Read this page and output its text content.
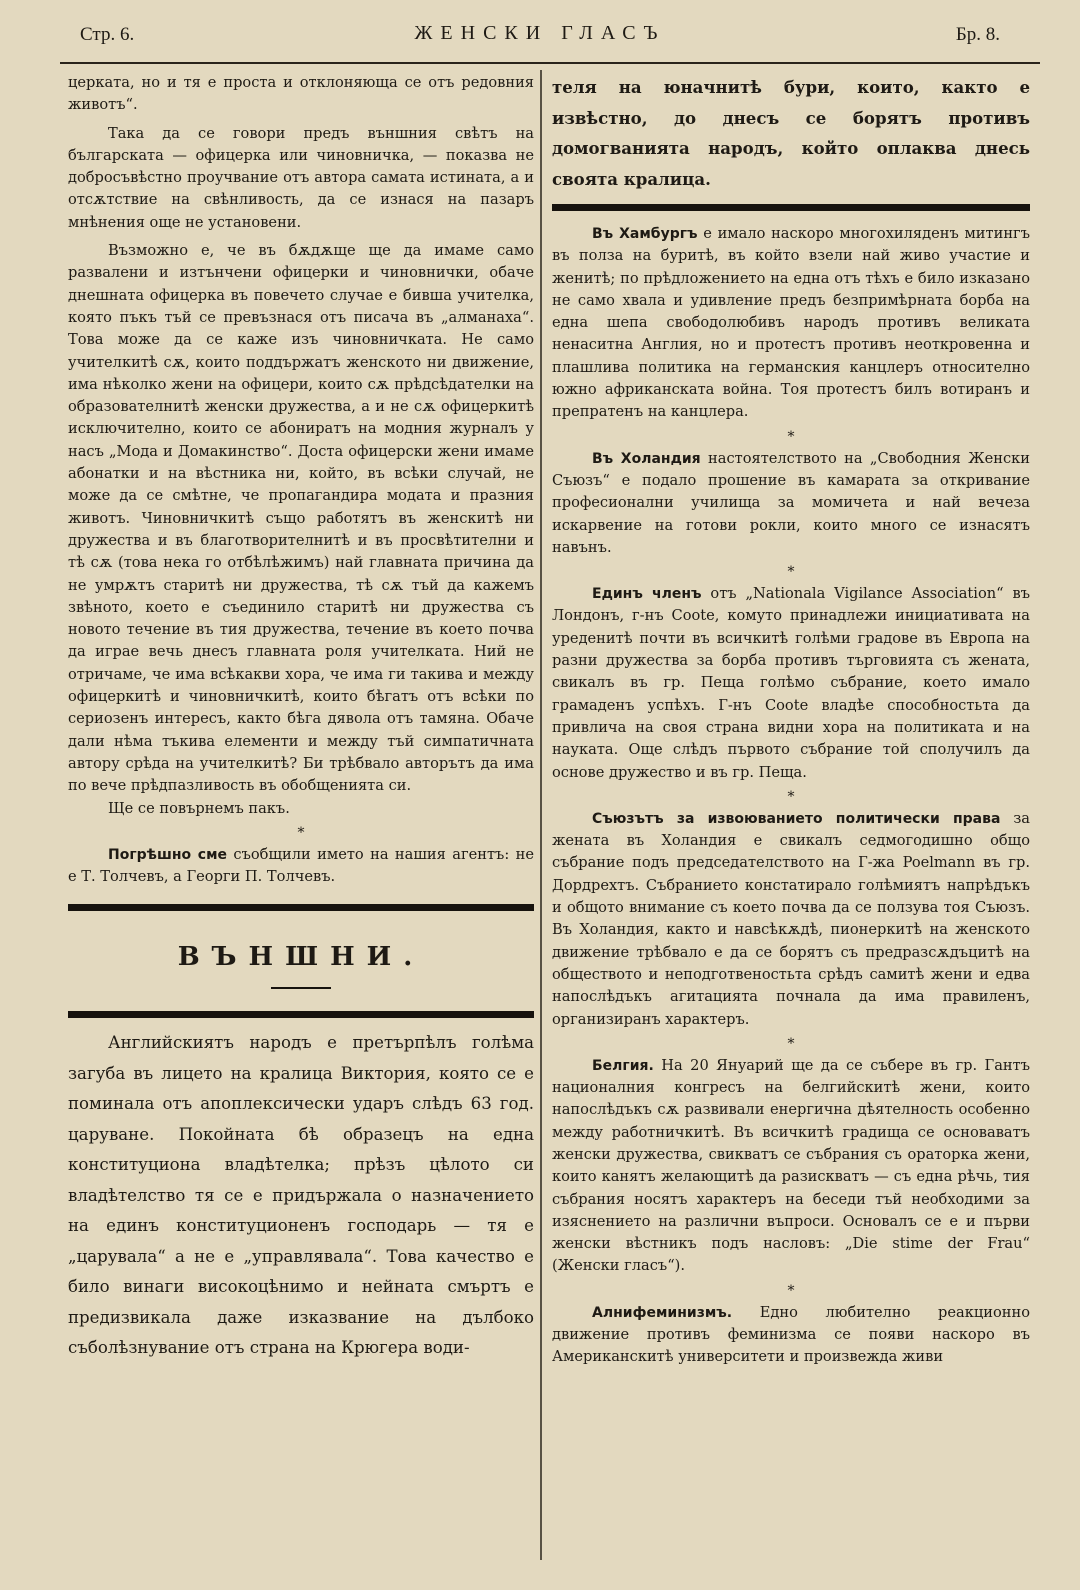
Стр. 6.	ЖЕНСКИ ГЛАСЪ	Бр. 8.

церката, но и тя е проста и отклоняюща се отъ редовния животъ“.

Така да се говори предъ външния свѣтъ на българската — офицерка или чиновничка, — показва не добросъвѣстно проучвание отъ автора самата истината, а и отсѫтствие на свѣнливость, да се изнася на пазаръ мнѣнения още не установени.

Възможно е, че въ бѫдѫще ще да имаме само развалени и изтънчени офицерки и чиновнички, обаче днешната офицерка въ повечето случае е бивша учителка, която пъкъ тъй се превъзнася отъ писача въ „алманаха“. Това може да се каже изъ чиновничката. Не само учителкитѣ сѫ, които поддържатъ женското ни движение, има нѣколко жени на офицери, които сѫ прѣдсѣдателки на образователнитѣ женски дружества, а и не сѫ офицеркитѣ исключително, които се абониратъ на модния журналъ у насъ „Мода и Домакинство“. Доста офицерски жени имаме абонатки и на вѣстника ни, който, въ всѣки случай, не може да се смѣтне, че пропагандира модата и празния животъ. Чиновничкитѣ също работятъ въ женскитѣ ни дружества и въ благотворителнитѣ и въ просвѣтителни и тѣ сѫ (това нека го отбѣлѣжимъ) най главната причина да не умрѫтъ старитѣ ни дружества, тѣ сѫ тъй да кажемъ звѣното, което е съединило старитѣ ни дружества съ новото течение въ тия дружества, течение въ което почва да играе вечь днесъ главната роля учителката. Ний не отричаме, че има всѣкакви хора, че има ги такива и между офицеркитѣ и чиновничкитѣ, които бѣгатъ отъ всѣки по сериозенъ интересъ, както бѣга дявола отъ тамяна. Обаче дали нѣма тъкива елементи и между тъй симпатичната автору срѣда на учителкитѣ? Би трѣбвало авторътъ да има по вече прѣдпазливость въ обобщенията си.

Ще се повърнемъ пакъ.

*

Погрѣшно сме съобщили името на нашия агентъ: не е Т. Толчевъ, а Георги П. Толчевъ.

ВЪНШНИ.

Английскиятъ народъ е претърпѣлъ голѣма загуба въ лицето на кралица Виктория, която се е поминала отъ апоплексически ударъ слѣдъ 63 год. царуване. Покойната бѣ образецъ на една конституциона владѣтелка; прѣзъ цѣлото си владѣтелство тя се е придържала о назначението на единъ конституционенъ господарь — тя е „царувала“ а не е „управлявала“. Това качество е било винаги високоцѣнимо и нейната смъртъ е предизвикала даже изказвание на дълбоко съболѣзнувание отъ страна на Крюгера води-

теля на юначнитѣ бури, които, както е извѣстно, до днесъ се борятъ противъ домогванията народъ, който оплаква днесь своята кралица.

Въ Хамбургъ е имало наскоро многохиляденъ митингъ въ полза на буритѣ, въ който взели най живо участие и женитѣ; по прѣдложението на една отъ тѣхъ е било изказано не само хвала и удивление предъ безпримѣрната борба на една шепа свободолюбивъ народъ противъ великата ненаситна Англия, но и протестъ противъ неоткровенна и плашлива политика на германския канцлеръ относително южно африканската война. Тоя протестъ билъ вотиранъ и препратенъ на канцлера.

*

Въ Холандия настоятелството на „Свободния Женски Съюзъ“ е подало прошение въ камарата за откривание професионални училища за момичета и най вечеза искарвение на готови рокли, които много се изнасятъ навънъ.

*

Единъ членъ отъ „Nationala Vigilance Association“ въ Лондонъ, г-нъ Coote, комуто принадлежи инициативата на уредeнитѣ почти въ всичкитѣ голѣми градове въ Европа на разни дружества за борба противъ търговията съ жената, свикалъ въ гр. Пеща голѣмо събрание, което имало грамаденъ успѣхъ. Г-нъ Coote владѣе способностьта да привлича на своя страна видни хора на политиката и на науката. Още слѣдъ първото събрание той сполучилъ да основе дружество и въ гр. Пеща.

*

Съюзътъ за извоюванието политически права за жената въ Холандия е свикалъ седмогодишно общо събрание подъ председателството на Г-жа Poelmann въ гр. Дордрехтъ. Събранието констатирало голѣмиятъ напрѣдъкъ и общото внимание съ което почва да се ползува тоя Съюзъ. Въ Холандия, както и навсѣкѫдѣ, пионеркитѣ на женското движение трѣбвало е да се борятъ съ предразсѫдъцитѣ на обществото и неподготвеностьта срѣдъ самитѣ жени и едва напослѣдъкъ агитацията почнала да има правиленъ, организиранъ характеръ.

*

Белгия. На 20 Януарий ще да се събере въ гр. Гантъ националния конгресъ на белгийскитѣ жени, които напослѣдъкъ сѫ развивали енергична дѣятелность особенно между работничкитѣ. Въ всичкитѣ градища се основаватъ женски дружества, свикватъ се събрания съ ораторка жени, които канятъ желающитѣ да разискватъ — съ една рѣчь, тия събрания носятъ характеръ на беседи тъй необходими за изяснението на различни въпроси. Основалъ се е и първи женски вѣстникъ подъ насловъ: „Die stime der Frau“ (Женски гласъ“).

*

Алнифеминизмъ. Едно любително реакционно движение противъ феминизма се появи наскоро въ Американскитѣ университети и произвежда живи
